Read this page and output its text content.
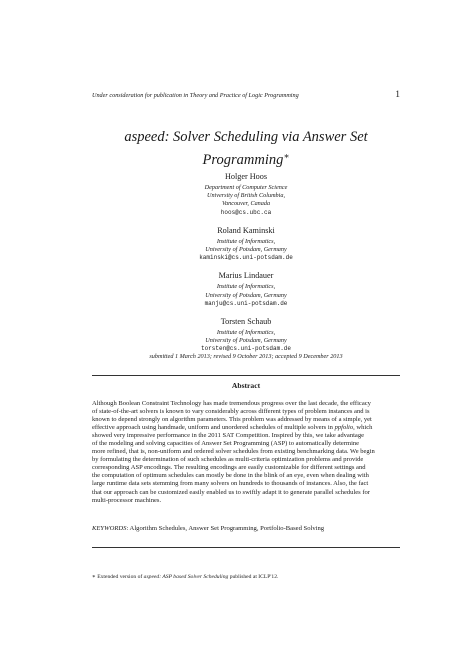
Under consideration for publication in Theory and Practice of Logic Programming	1
aspeed: Solver Scheduling via Answer Set
Programming∗
Holger Hoos
Department of Computer Science
University of British Columbia,
Vancouver, Canada
hoos@cs.ubc.ca
Roland Kaminski
Institute of Informatics,
University of Potsdam, Germany
kaminski@cs.uni-potsdam.de
Marius Lindauer
Institute of Informatics,
University of Potsdam, Germany
manju@cs.uni-potsdam.de
Torsten Schaub
Institute of Informatics,
University of Potsdam, Germany
torsten@cs.uni-potsdam.de
submitted 1 March 2013; revised 9 October 2013; accepted 9 December 2013
Abstract
Although Boolean Constraint Technology has made tremendous progress over the last decade, the efficacy
of state-of-the-art solvers is known to vary considerably across different types of problem instances and is
known to depend strongly on algorithm parameters. This problem was addressed by means of a simple, yet
effective approach using handmade, uniform and unordered schedules of multiple solvers in ppfolio, which
showed very impressive performance in the 2011 SAT Competition. Inspired by this, we take advantage
of the modeling and solving capacities of Answer Set Programming (ASP) to automatically determine
more refined, that is, non-uniform and ordered solver schedules from existing benchmarking data. We begin
by formulating the determination of such schedules as multi-criteria optimization problems and provide
corresponding ASP encodings. The resulting encodings are easily customizable for different settings and
the computation of optimum schedules can mostly be done in the blink of an eye, even when dealing with
large runtime data sets stemming from many solvers on hundreds to thousands of instances. Also, the fact
that our approach can be customized easily enabled us to swiftly adapt it to generate parallel schedules for
multi-processor machines.
KEYWORDS: Algorithm Schedules, Answer Set Programming, Portfolio-Based Solving
∗ Extended version of aspeed: ASP based Solver Scheduling published at ICLP'12.
